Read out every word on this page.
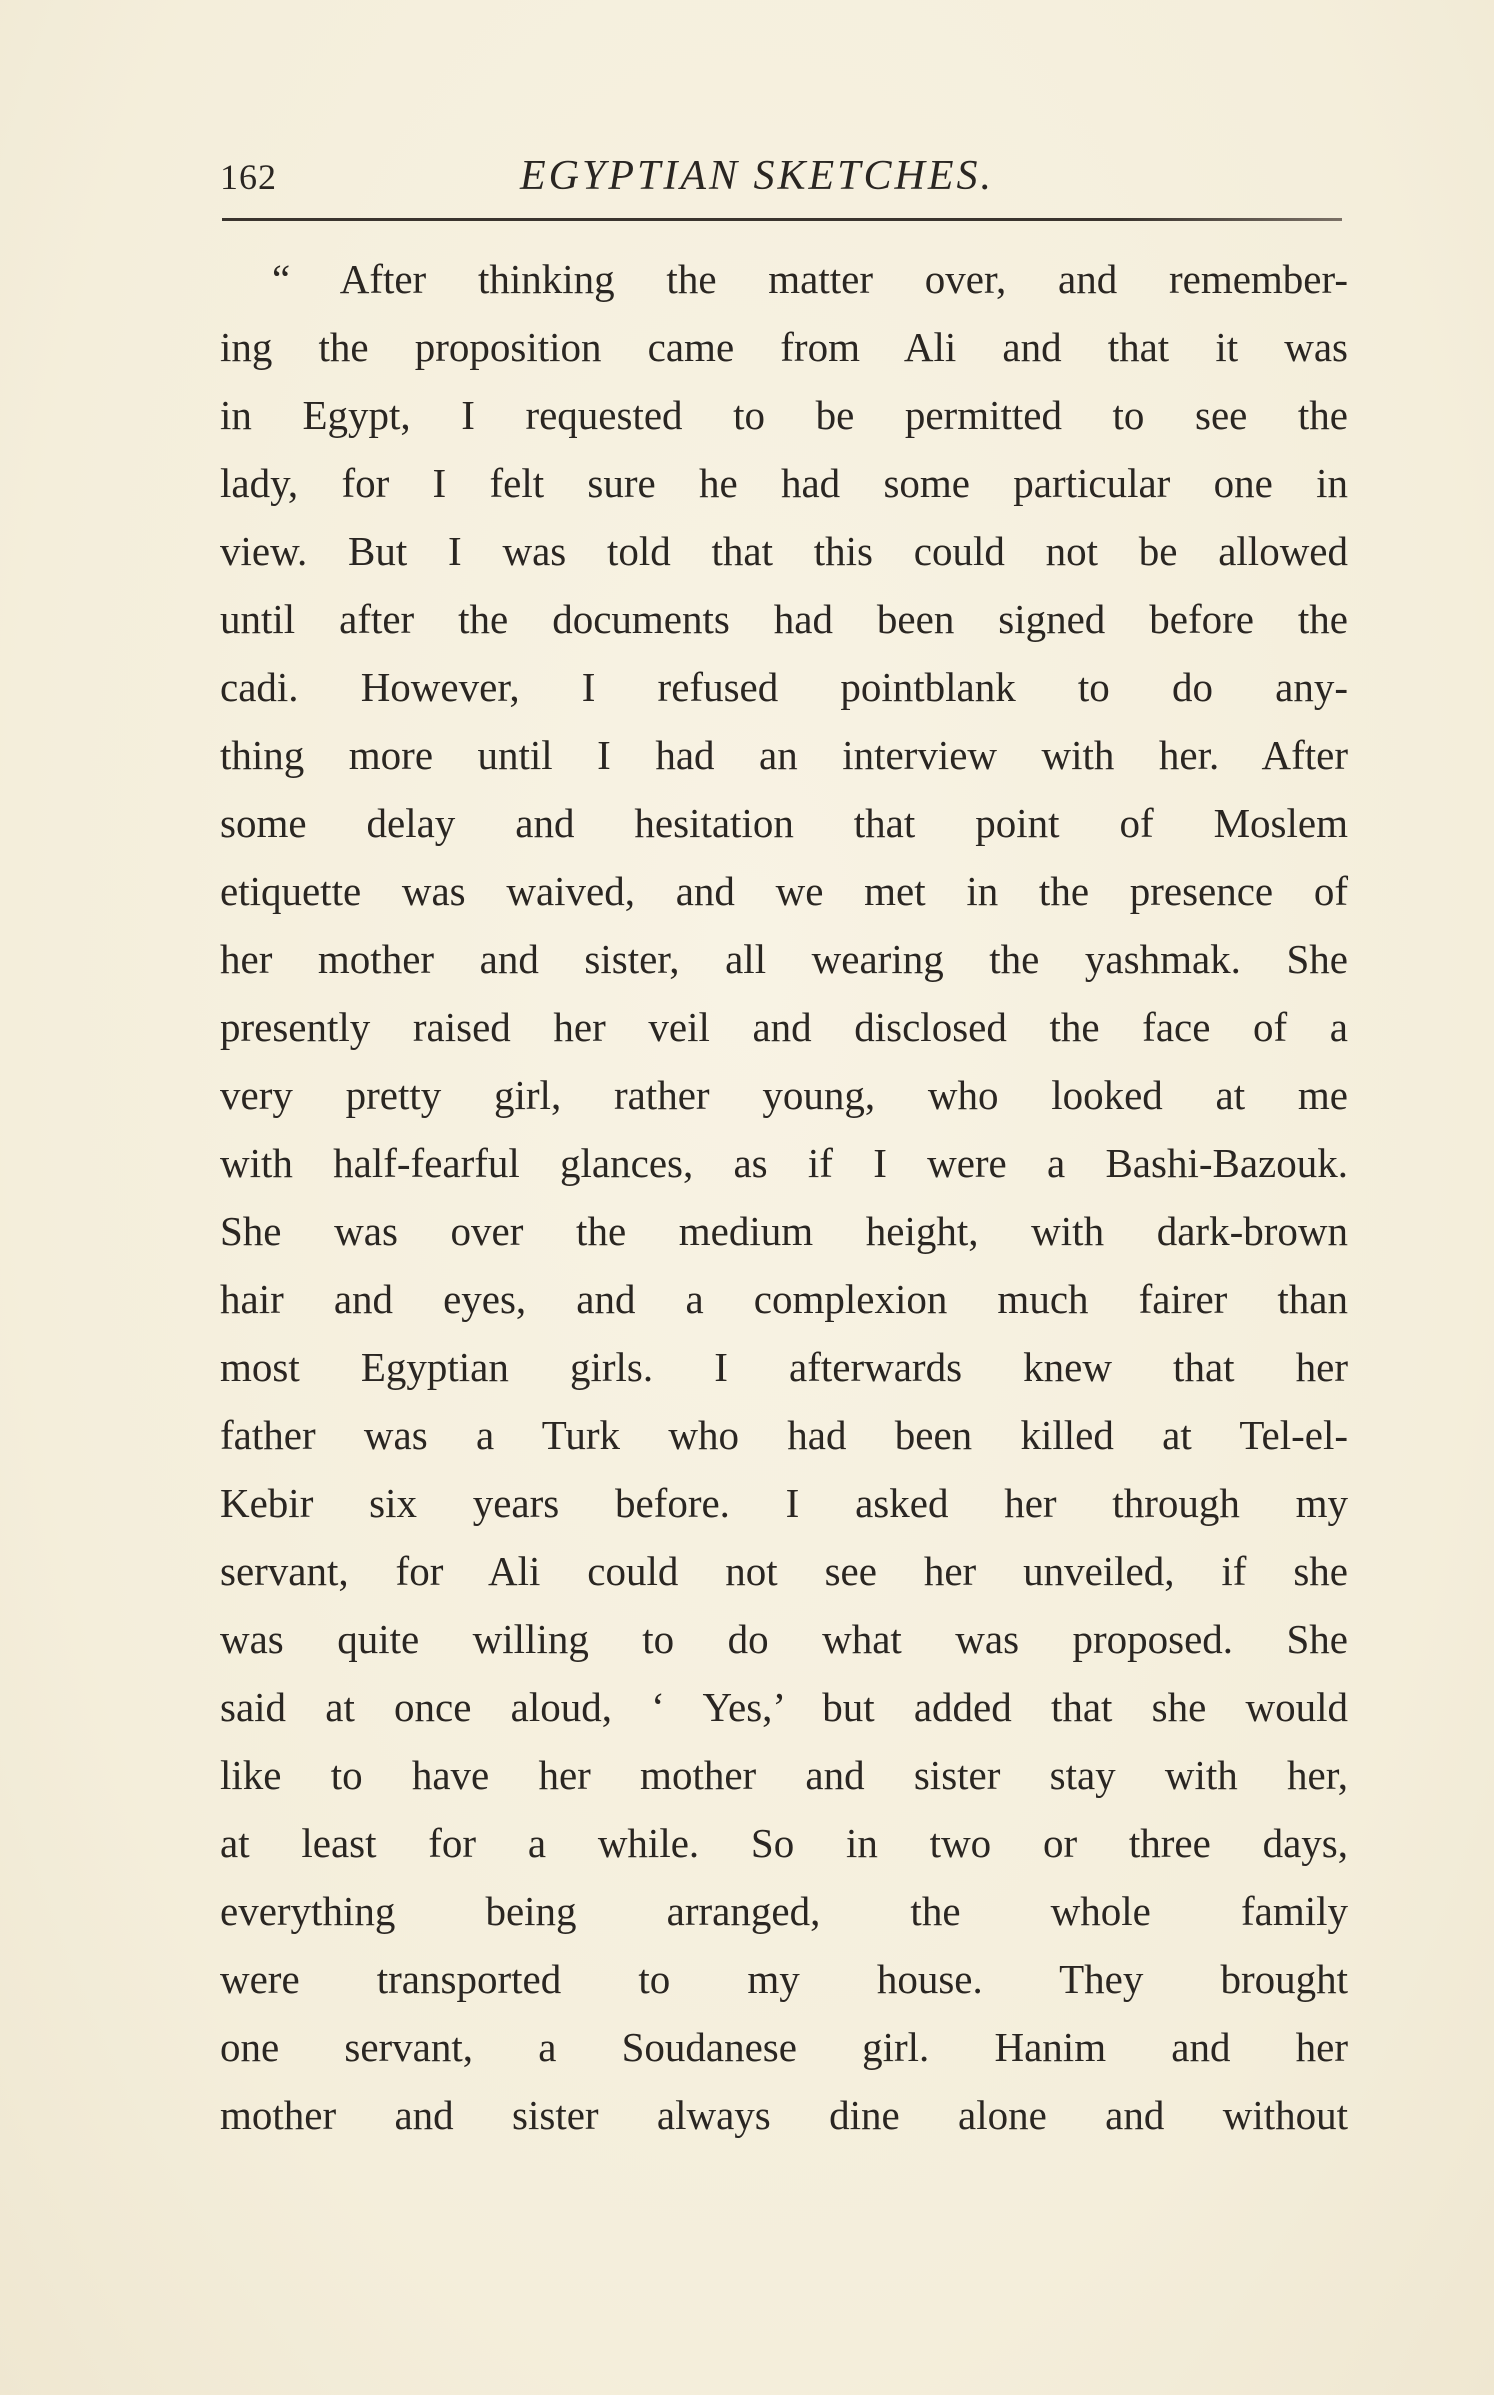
162	EGYPTIAN SKETCHES.
“ After thinking the matter over, and remember-
ing the proposition came from Ali and that it was
in Egypt, I requested to be permitted to see the
lady, for I felt sure he had some particular one in
view. But I was told that this could not be allowed
until after the documents had been signed before the
cadi. However, I refused pointblank to do any-
thing more until I had an interview with her. After
some delay and hesitation that point of Moslem
etiquette was waived, and we met in the presence of
her mother and sister, all wearing the yashmak. She
presently raised her veil and disclosed the face of a
very pretty girl, rather young, who looked at me
with half-fearful glances, as if I were a Bashi-Bazouk.
She was over the medium height, with dark-brown
hair and eyes, and a complexion much fairer than
most Egyptian girls. I afterwards knew that her
father was a Turk who had been killed at Tel-el-
Kebir six years before. I asked her through my
servant, for Ali could not see her unveiled, if she
was quite willing to do what was proposed. She
said at once aloud, ‘ Yes,’ but added that she would
like to have her mother and sister stay with her,
at least for a while. So in two or three days,
everything being arranged, the whole family
were transported to my house. They brought
one servant, a Soudanese girl. Hanim and her
mother and sister always dine alone and without
